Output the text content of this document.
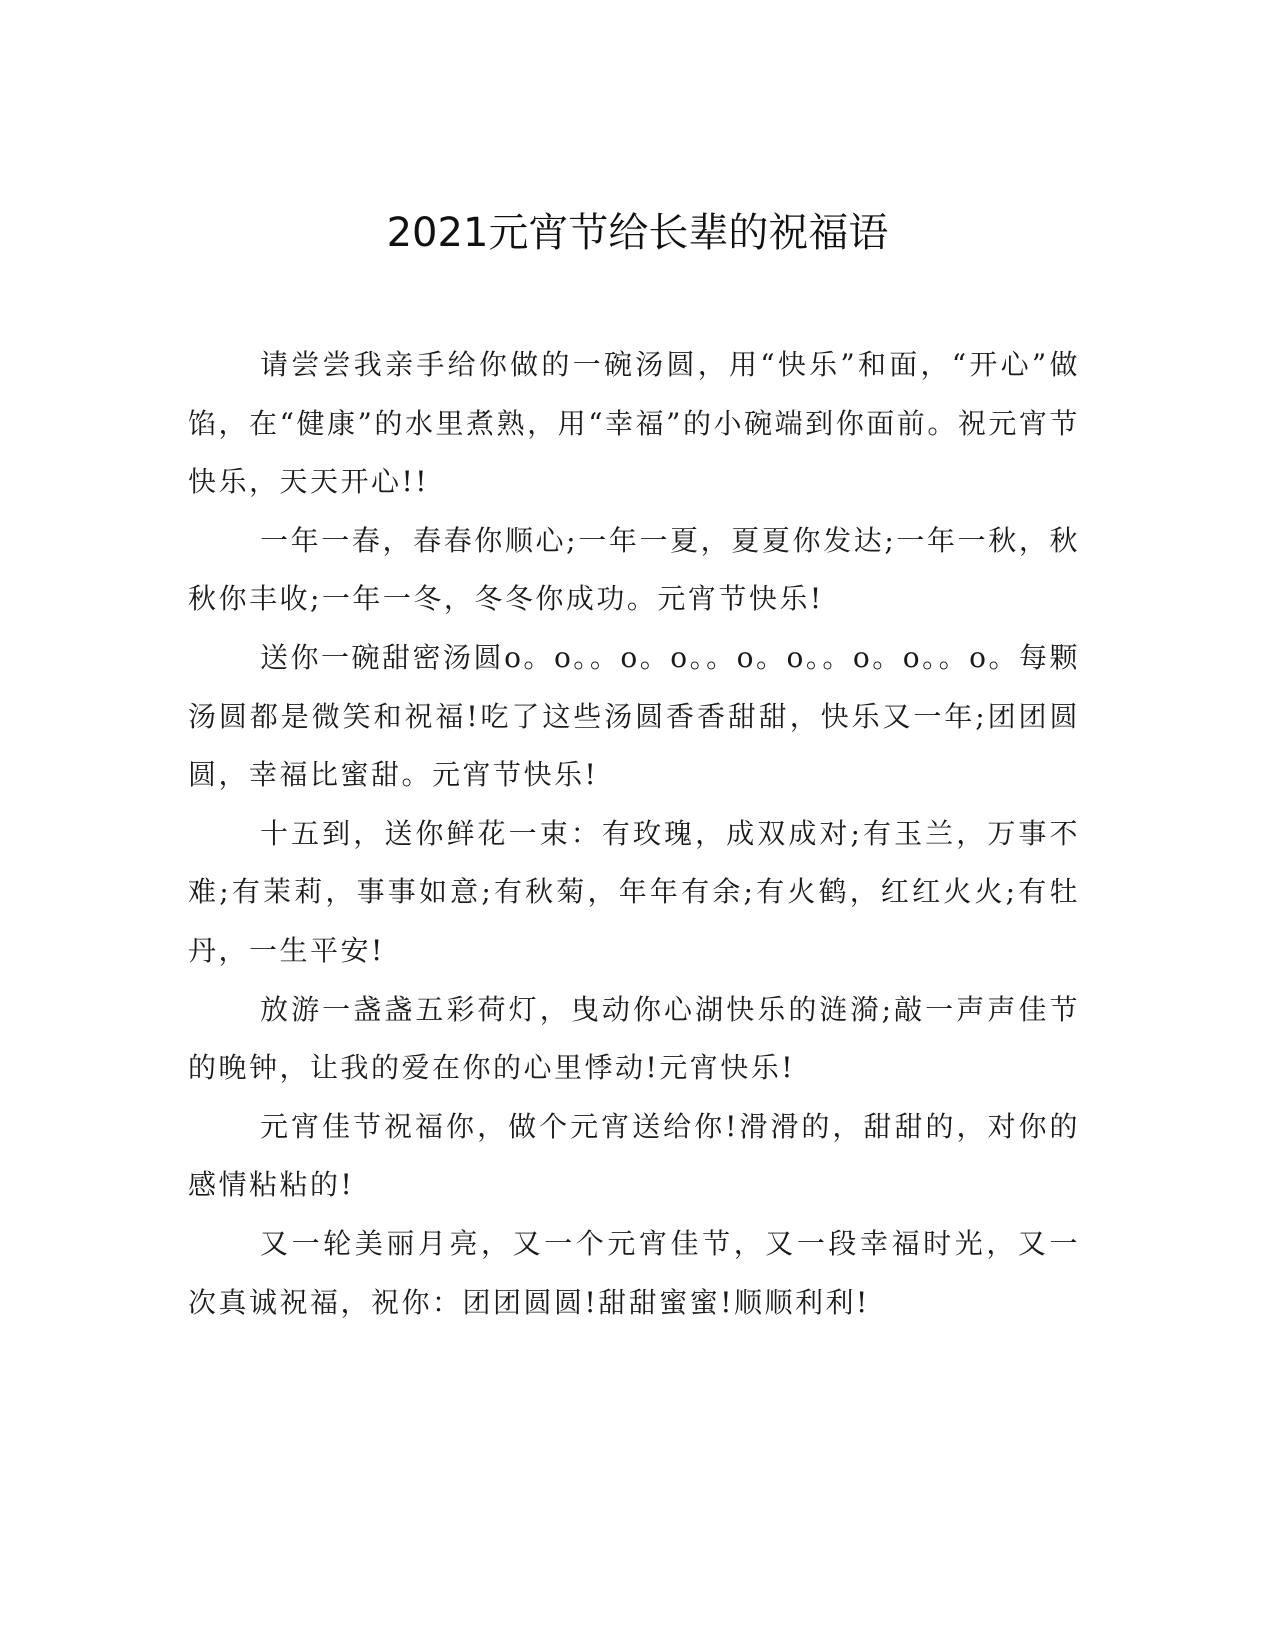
2021元宵节给长辈的祝福语

请尝尝我亲手给你做的一碗汤圆，用“快乐”和面，“开心”做馅，在“健康”的水里煮熟，用“幸福”的小碗端到你面前。祝元宵节快乐，天天开心!!

一年一春，春春你顺心;一年一夏，夏夏你发达;一年一秋，秋秋你丰收;一年一冬，冬冬你成功。元宵节快乐!

送你一碗甜密汤圆o。o。。o。o。。o。o。。o。o。。o。每颗汤圆都是微笑和祝福!吃了这些汤圆香香甜甜，快乐又一年;团团圆圆，幸福比蜜甜。元宵节快乐!

十五到，送你鲜花一束：有玫瑰，成双成对;有玉兰，万事不难;有茉莉，事事如意;有秋菊，年年有余;有火鹤，红红火火;有牡丹，一生平安!

放游一盏盏五彩荷灯，曳动你心湖快乐的涟漪;敲一声声佳节的晚钟，让我的爱在你的心里悸动!元宵快乐!

元宵佳节祝福你，做个元宵送给你!滑滑的，甜甜的，对你的感情粘粘的!

又一轮美丽月亮，又一个元宵佳节，又一段幸福时光，又一次真诚祝福，祝你：团团圆圆!甜甜蜜蜜!顺顺利利!
